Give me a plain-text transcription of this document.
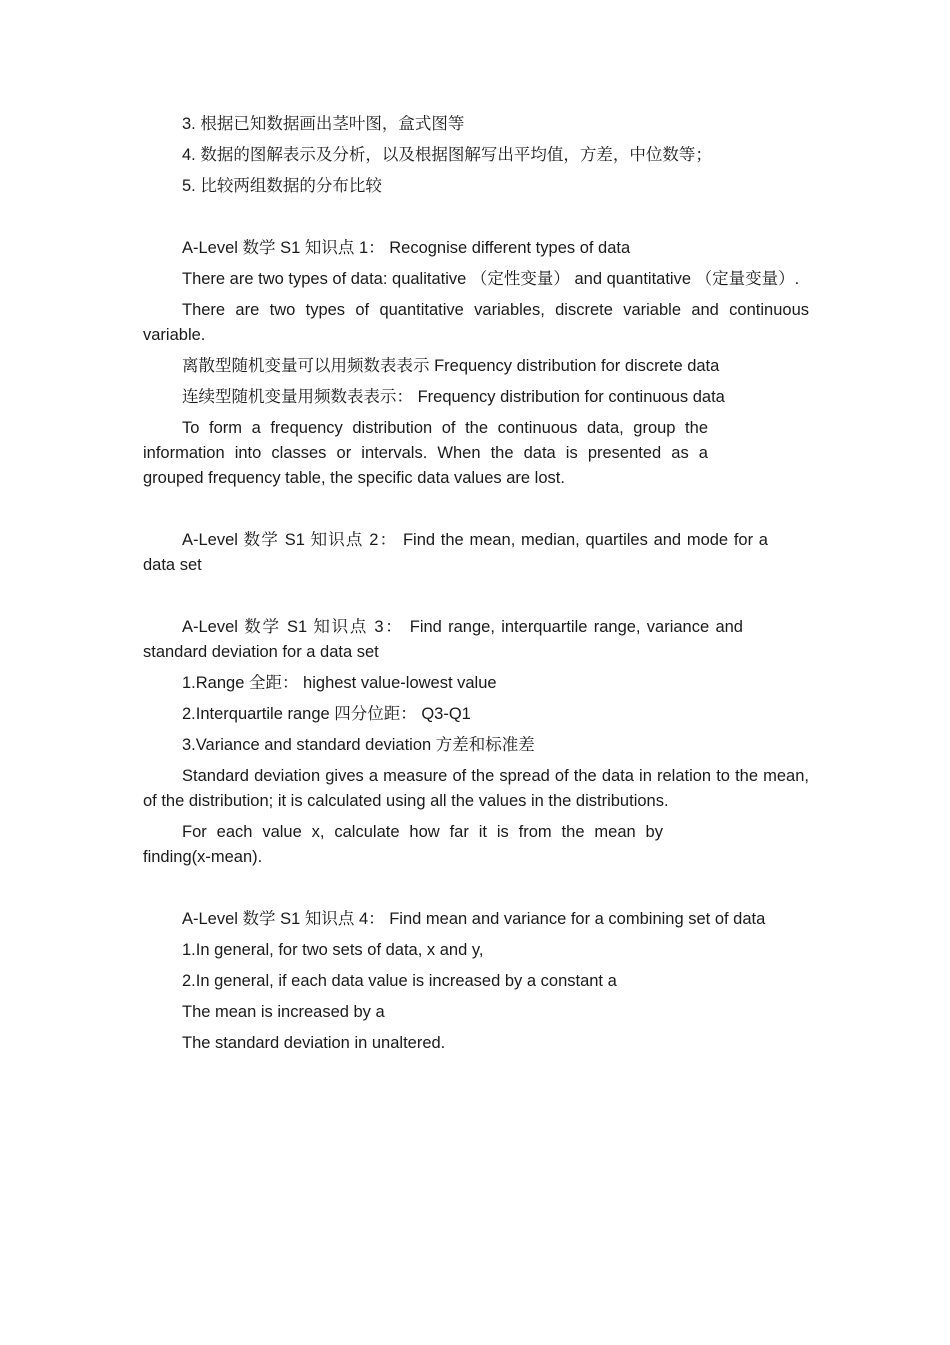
3. 根据已知数据画出茎叶图，盒式图等

4. 数据的图解表示及分析，以及根据图解写出平均值，方差，中位数等；

5. 比较两组数据的分布比较

A-Level 数学 S1 知识点 1： Recognise different types of data

There are two types of data: qualitative （定性变量） and quantitative （定量变量）.

There are two types of quantitative variables, discrete variable and continuous variable.

离散型随机变量可以用频数表表示 Frequency distribution for discrete data

连续型随机变量用频数表表示： Frequency distribution for continuous data

To form a frequency distribution of the continuous data, group the information into classes or intervals. When the data is presented as a grouped frequency table, the specific data values are lost.

A-Level 数学 S1 知识点 2： Find the mean, median, quartiles and mode for a data set

A-Level 数学 S1 知识点 3： Find range, interquartile range, variance and standard deviation for a data set

1.Range 全距： highest value-lowest value

2.Interquartile range 四分位距： Q3-Q1

3.Variance and standard deviation 方差和标准差

Standard deviation gives a measure of the spread of the data in relation to the mean, of the distribution; it is calculated using all the values in the distributions.

For each value x, calculate how far it is from the mean by finding(x-mean).

A-Level 数学 S1 知识点 4： Find mean and variance for a combining set of data

1.In general, for two sets of data, x and y,

2.In general, if each data value is increased by a constant a

The mean is increased by a

The standard deviation in unaltered.
